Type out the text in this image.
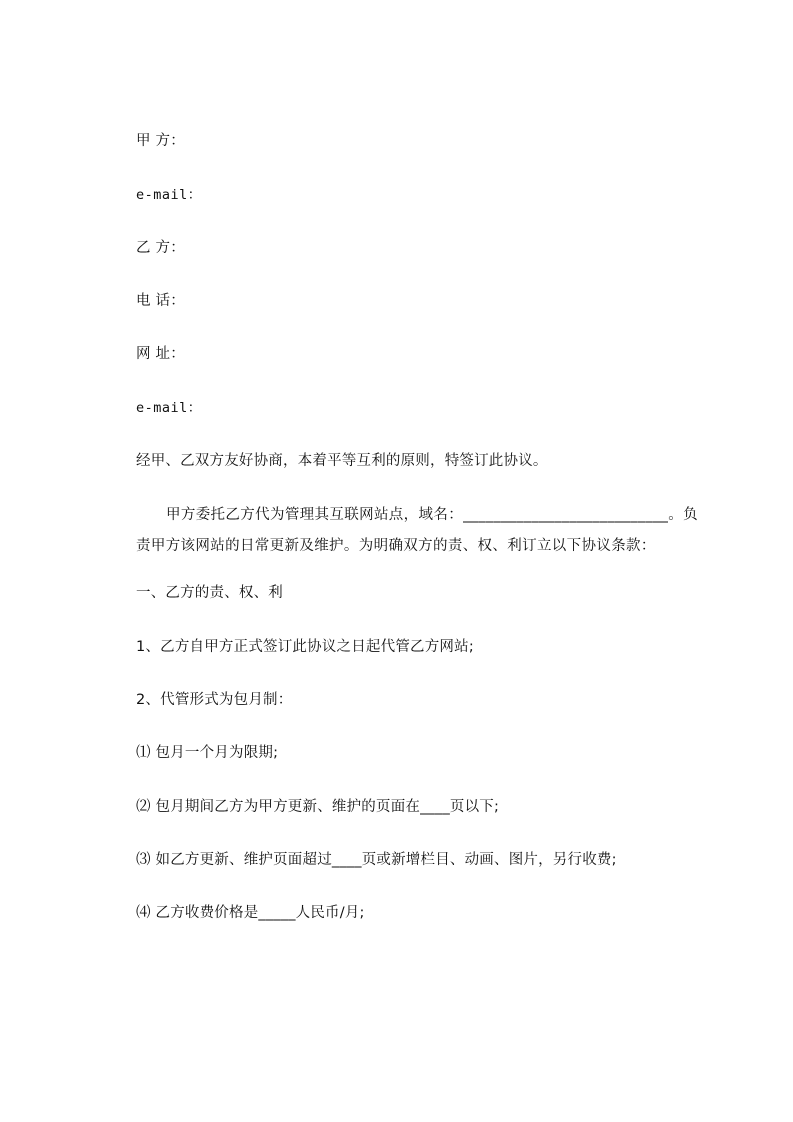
甲 方：
e-mail：
乙 方：
电 话：
网 址：
e-mail：
经甲、乙双方友好协商，本着平等互利的原则，特签订此协议。
甲方委托乙方代为管理其互联网站点，域名：___________________________。负责甲方该网站的日常更新及维护。为明确双方的责、权、利订立以下协议条款：
一、乙方的责、权、利
1、乙方自甲方正式签订此协议之日起代管乙方网站;
2、代管形式为包月制：
⑴ 包月一个月为限期;
⑵ 包月期间乙方为甲方更新、维护的页面在____页以下;
⑶ 如乙方更新、维护页面超过____页或新增栏目、动画、图片，另行收费;
⑷ 乙方收费价格是_____人民币/月;
